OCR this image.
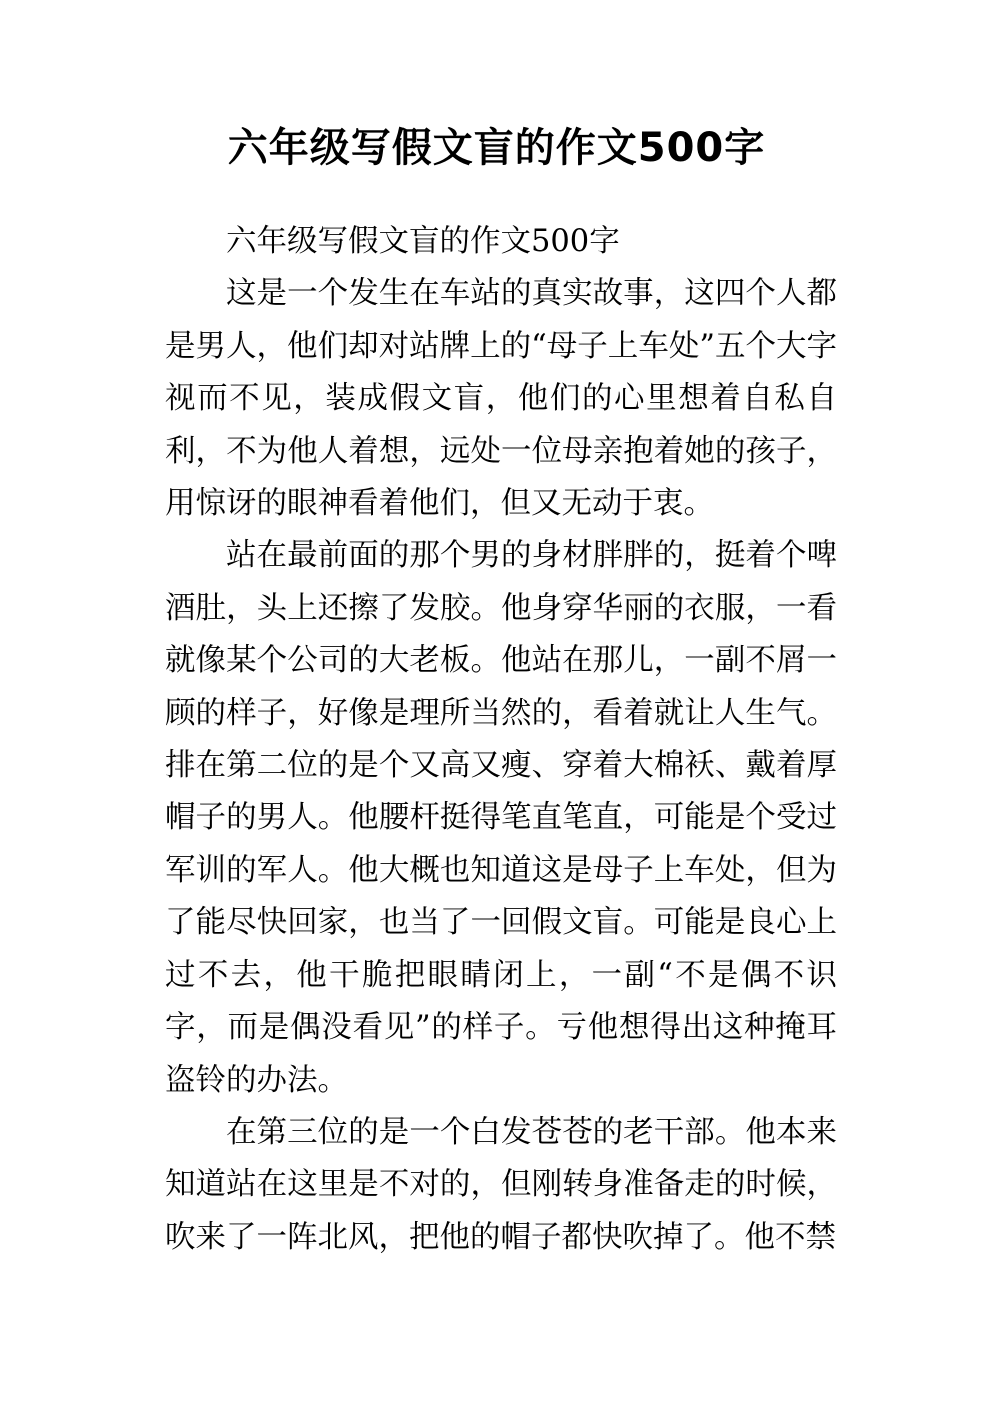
六年级写假文盲的作文500字

六年级写假文盲的作文500字

这是一个发生在车站的真实故事，这四个人都是男人，他们却对站牌上的“母子上车处”五个大字视而不见，装成假文盲，他们的心里想着自私自利，不为他人着想，远处一位母亲抱着她的孩子，用惊讶的眼神看着他们，但又无动于衷。

站在最前面的那个男的身材胖胖的，挺着个啤酒肚，头上还擦了发胶。他身穿华丽的衣服，一看就像某个公司的大老板。他站在那儿，一副不屑一顾的样子，好像是理所当然的，看着就让人生气。排在第二位的是个又高又瘦、穿着大棉袄、戴着厚帽子的男人。他腰杆挺得笔直笔直，可能是个受过军训的军人。他大概也知道这是母子上车处，但为了能尽快回家，也当了一回假文盲。可能是良心上过不去，他干脆把眼睛闭上，一副“不是偶不识字，而是偶没看见”的样子。亏他想得出这种掩耳盗铃的办法。

在第三位的是一个白发苍苍的老干部。他本来知道站在这里是不对的，但刚转身准备走的时候，吹来了一阵北风，把他的帽子都快吹掉了。他不禁
